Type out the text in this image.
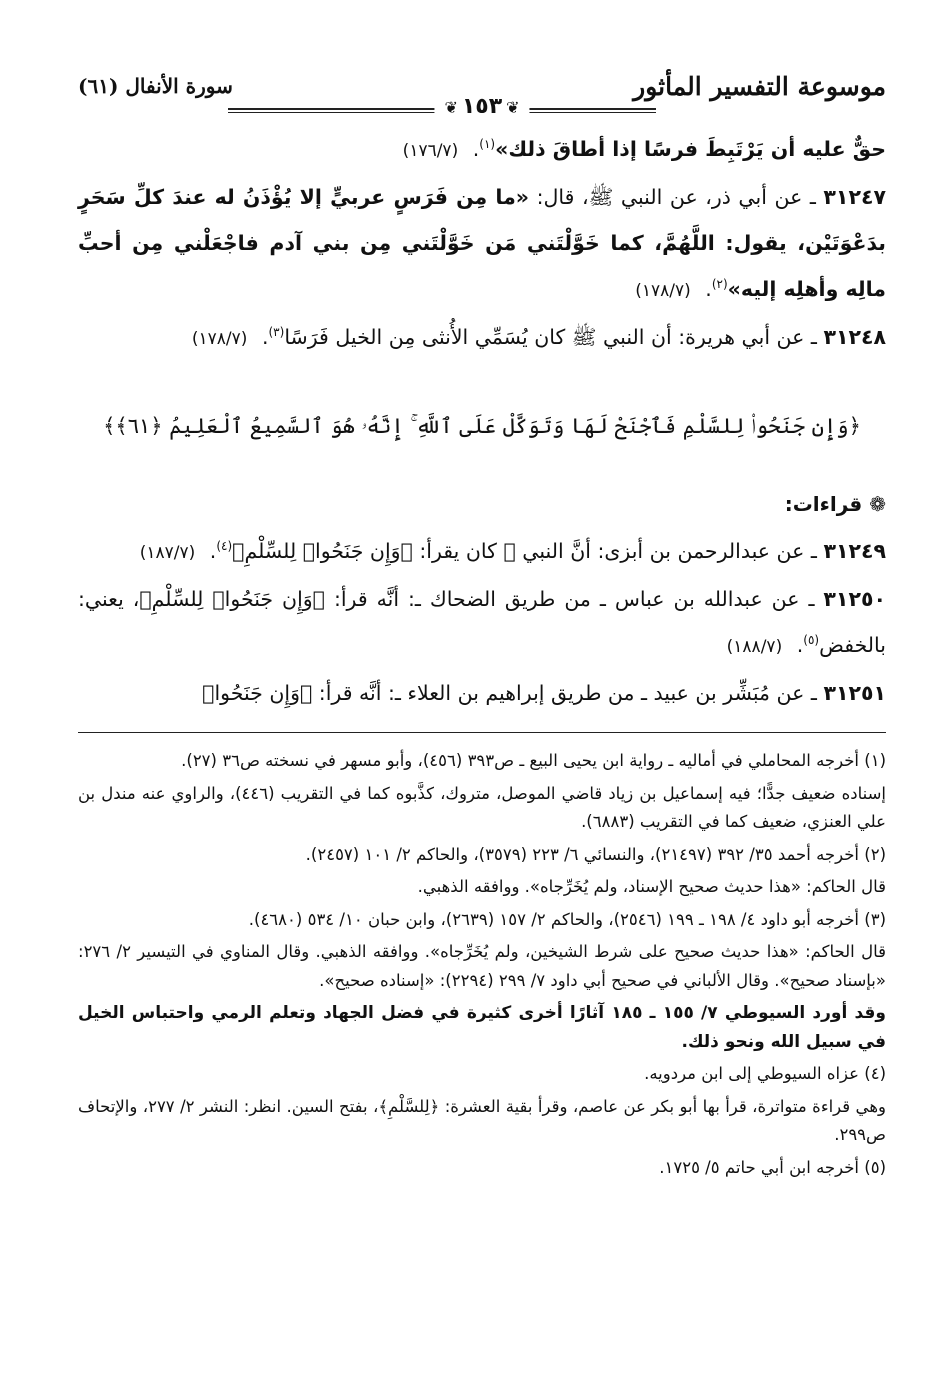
موسوعة التفسير المأثور
❦١٥٣❦
سورة الأنفال (٦١)

حقٌّ عليه أن يَرْتَبِطَ فرسًا إذا أطاقَ ذلك»$^{(١)}$. (١٧٦/٧)

٣١٢٤٧ ـ عن أبي ذر، عن النبي ﷺ، قال: «ما مِن فَرَسٍ عربيٍّ إلا يُؤْذَنُ له عندَ كلِّ سَحَرٍ بدَعْوَتَيْن، يقول: اللَّهُمَّ، كما خَوَّلْتَني مَن خَوَّلْتَني مِن بني آدم فاجْعَلْني مِن أحبِّ مالِه وأهلِه إليه»$^{(٢)}$. (١٧٨/٧)

٣١٢٤٨ ـ عن أبي هريرة: أن النبي ﷺ كان يُسَمِّي الأُنثى مِن الخيل فَرَسًا$^{(٣)}$. (١٧٨/٧)

﴿وَإِن جَنَحُوا۟ لِلسَّلْمِ فَٱجْنَحْ لَهَا وَتَوَكَّلْ عَلَى ٱللَّهِ ۚ إِنَّهُۥ هُوَ ٱلسَّمِيعُ ٱلْعَلِيمُ ﴿٦١﴾﴾
❁ قراءات:

٣١٢٤٩ ـ عن عبدالرحمن بن أبزى: أنَّ النبي ﷺ كان يقرأ: ﴿وَإِن جَنَحُوا۟ لِلسِّلْمِ﴾$^{(٤)}$. (١٨٧/٧)

٣١٢٥٠ ـ عن عبدالله بن عباس ـ من طريق الضحاك ـ: أنَّه قرأ: ﴿وَإِن جَنَحُوا۟ لِلسِّلْمِ﴾، يعني: بالخفض$^{(٥)}$. (١٨٨/٧)

٣١٢٥١ ـ عن مُبَشِّر بن عبيد ـ من طريق إبراهيم بن العلاء ـ: أنَّه قرأ: ﴿وَإِن جَنَحُوا۟

(١) أخرجه المحاملي في أماليه ـ رواية ابن يحيى البيع ـ ص٣٩٣ (٤٥٦)، وأبو مسهر في نسخته ص٣٦ (٢٧).

إسناده ضعيف جدًّا؛ فيه إسماعيل بن زياد قاضي الموصل، متروك، كذَّبوه كما في التقريب (٤٤٦)، والراوي عنه مندل بن علي العنزي، ضعيف كما في التقريب (٦٨٨٣).

(٢) أخرجه أحمد ٣٥/ ٣٩٢ (٢١٤٩٧)، والنسائي ٦/ ٢٢٣ (٣٥٧٩)، والحاكم ٢/ ١٠١ (٢٤٥٧).

قال الحاكم: «هذا حديث صحيح الإسناد، ولم يُخَرِّجاه». ووافقه الذهبي.

(٣) أخرجه أبو داود ٤/ ١٩٨ ـ ١٩٩ (٢٥٤٦)، والحاكم ٢/ ١٥٧ (٢٦٣٩)، وابن حبان ١٠/ ٥٣٤ (٤٦٨٠).

قال الحاكم: «هذا حديث صحيح على شرط الشيخين، ولم يُخَرِّجاه». ووافقه الذهبي. وقال المناوي في التيسير ٢/ ٢٧٦: «بإسناد صحيح». وقال الألباني في صحيح أبي داود ٧/ ٢٩٩ (٢٢٩٤): «إسناده صحيح».

وقد أورد السيوطي ٧/ ١٥٥ ـ ١٨٥ آثارًا أخرى كثيرة في فضل الجهاد وتعلم الرمي واحتباس الخيل في سبيل الله ونحو ذلك.

(٤) عزاه السيوطي إلى ابن مردويه.

وهي قراءة متواترة، قرأ بها أبو بكر عن عاصم، وقرأ بقية العشرة: ﴿لِلسَّلْمِ﴾، بفتح السين. انظر: النشر ٢/ ٢٧٧، والإتحاف ص٢٩٩.

(٥) أخرجه ابن أبي حاتم ٥/ ١٧٢٥.
